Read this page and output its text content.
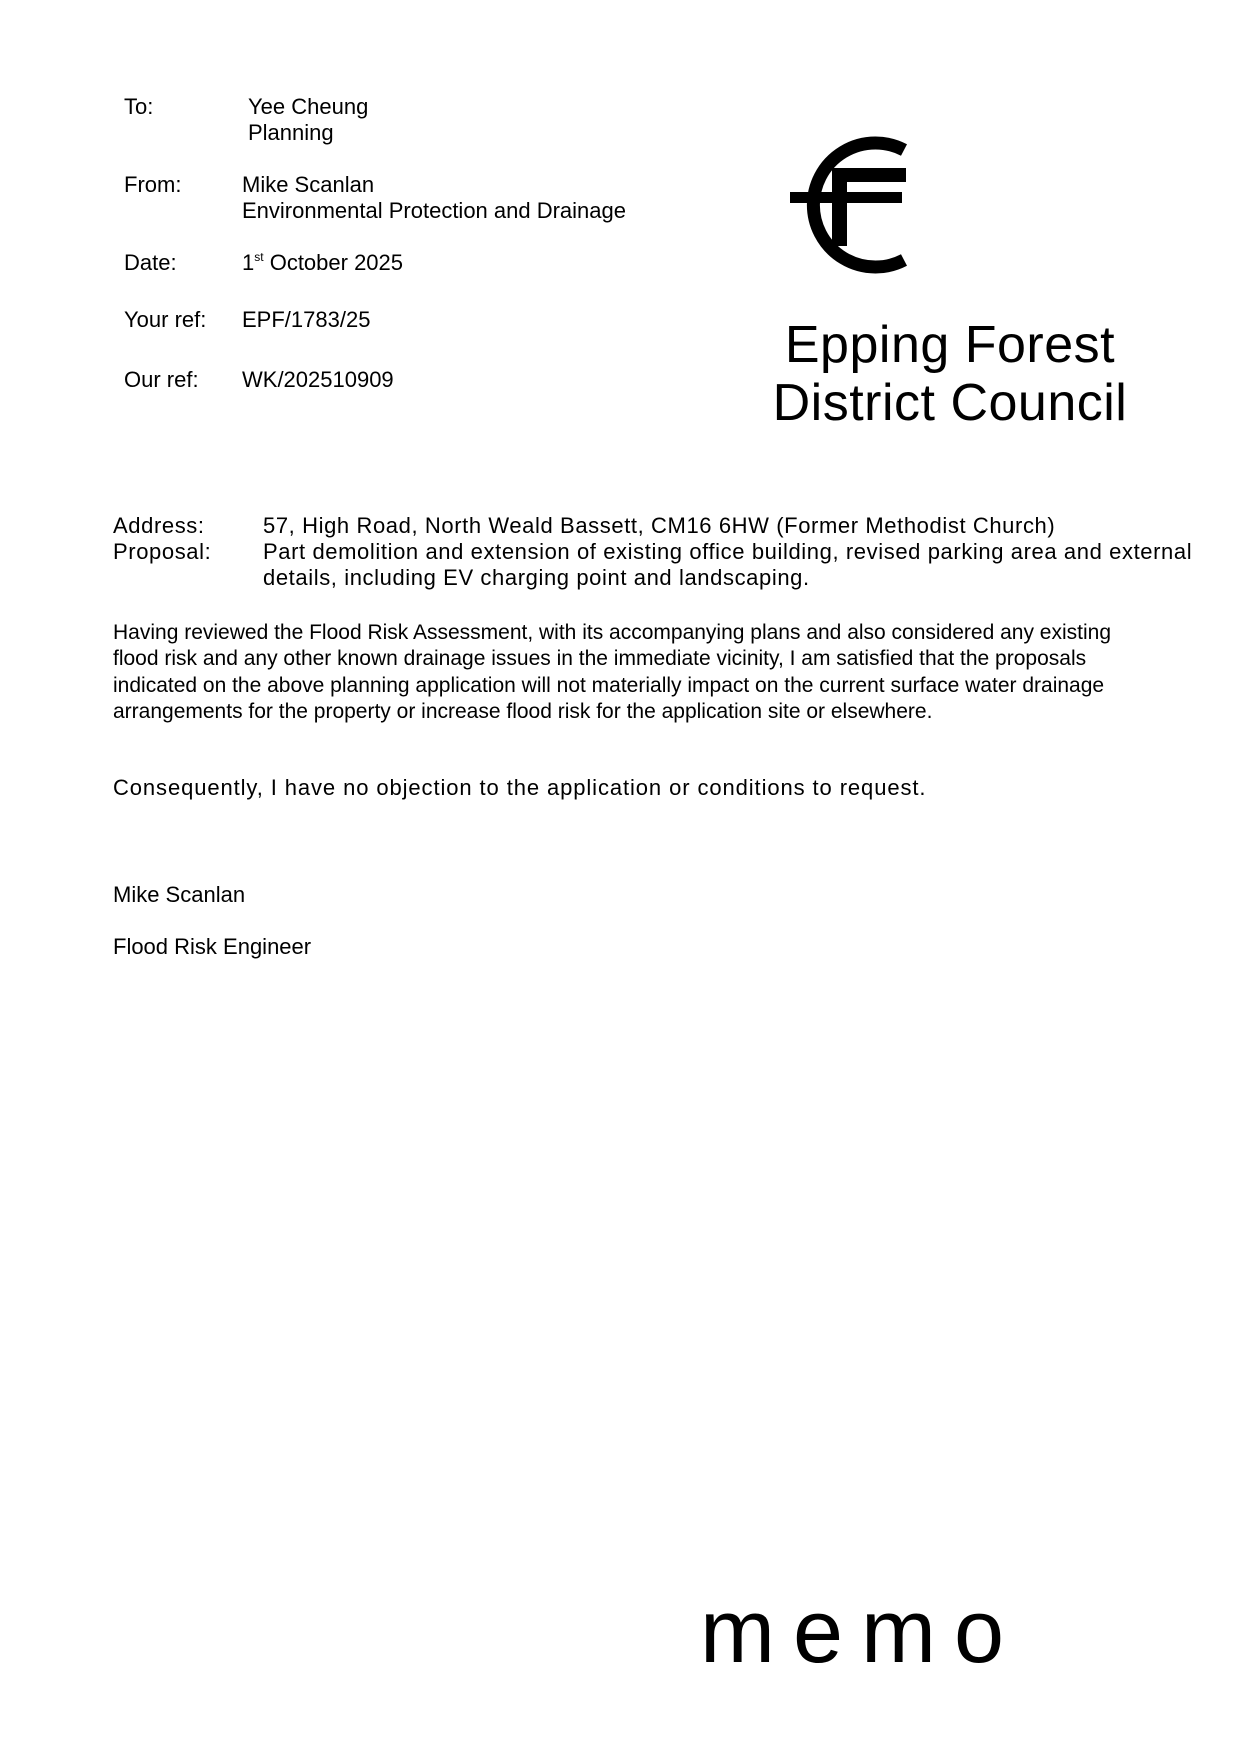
To:	Yee Cheung
Planning
From:	Mike Scanlan
Environmental Protection and Drainage
Date:	1st October 2025
Your ref: EPF/1783/25
Our ref: WK/202510909
Epping Forest
District Council
Address:	57, High Road, North Weald Bassett, CM16 6HW (Former Methodist Church)
Proposal: Part demolition and extension of existing office building, revised parking area and external details, including EV charging point and landscaping.
Having reviewed the Flood Risk Assessment, with its accompanying plans and also considered any existing flood risk and any other known drainage issues in the immediate vicinity, I am satisfied that the proposals indicated on the above planning application will not materially impact on the current surface water drainage arrangements for the property or increase flood risk for the application site or elsewhere.
Consequently, I have no objection to the application or conditions to request.
Mike Scanlan
Flood Risk Engineer
memo
